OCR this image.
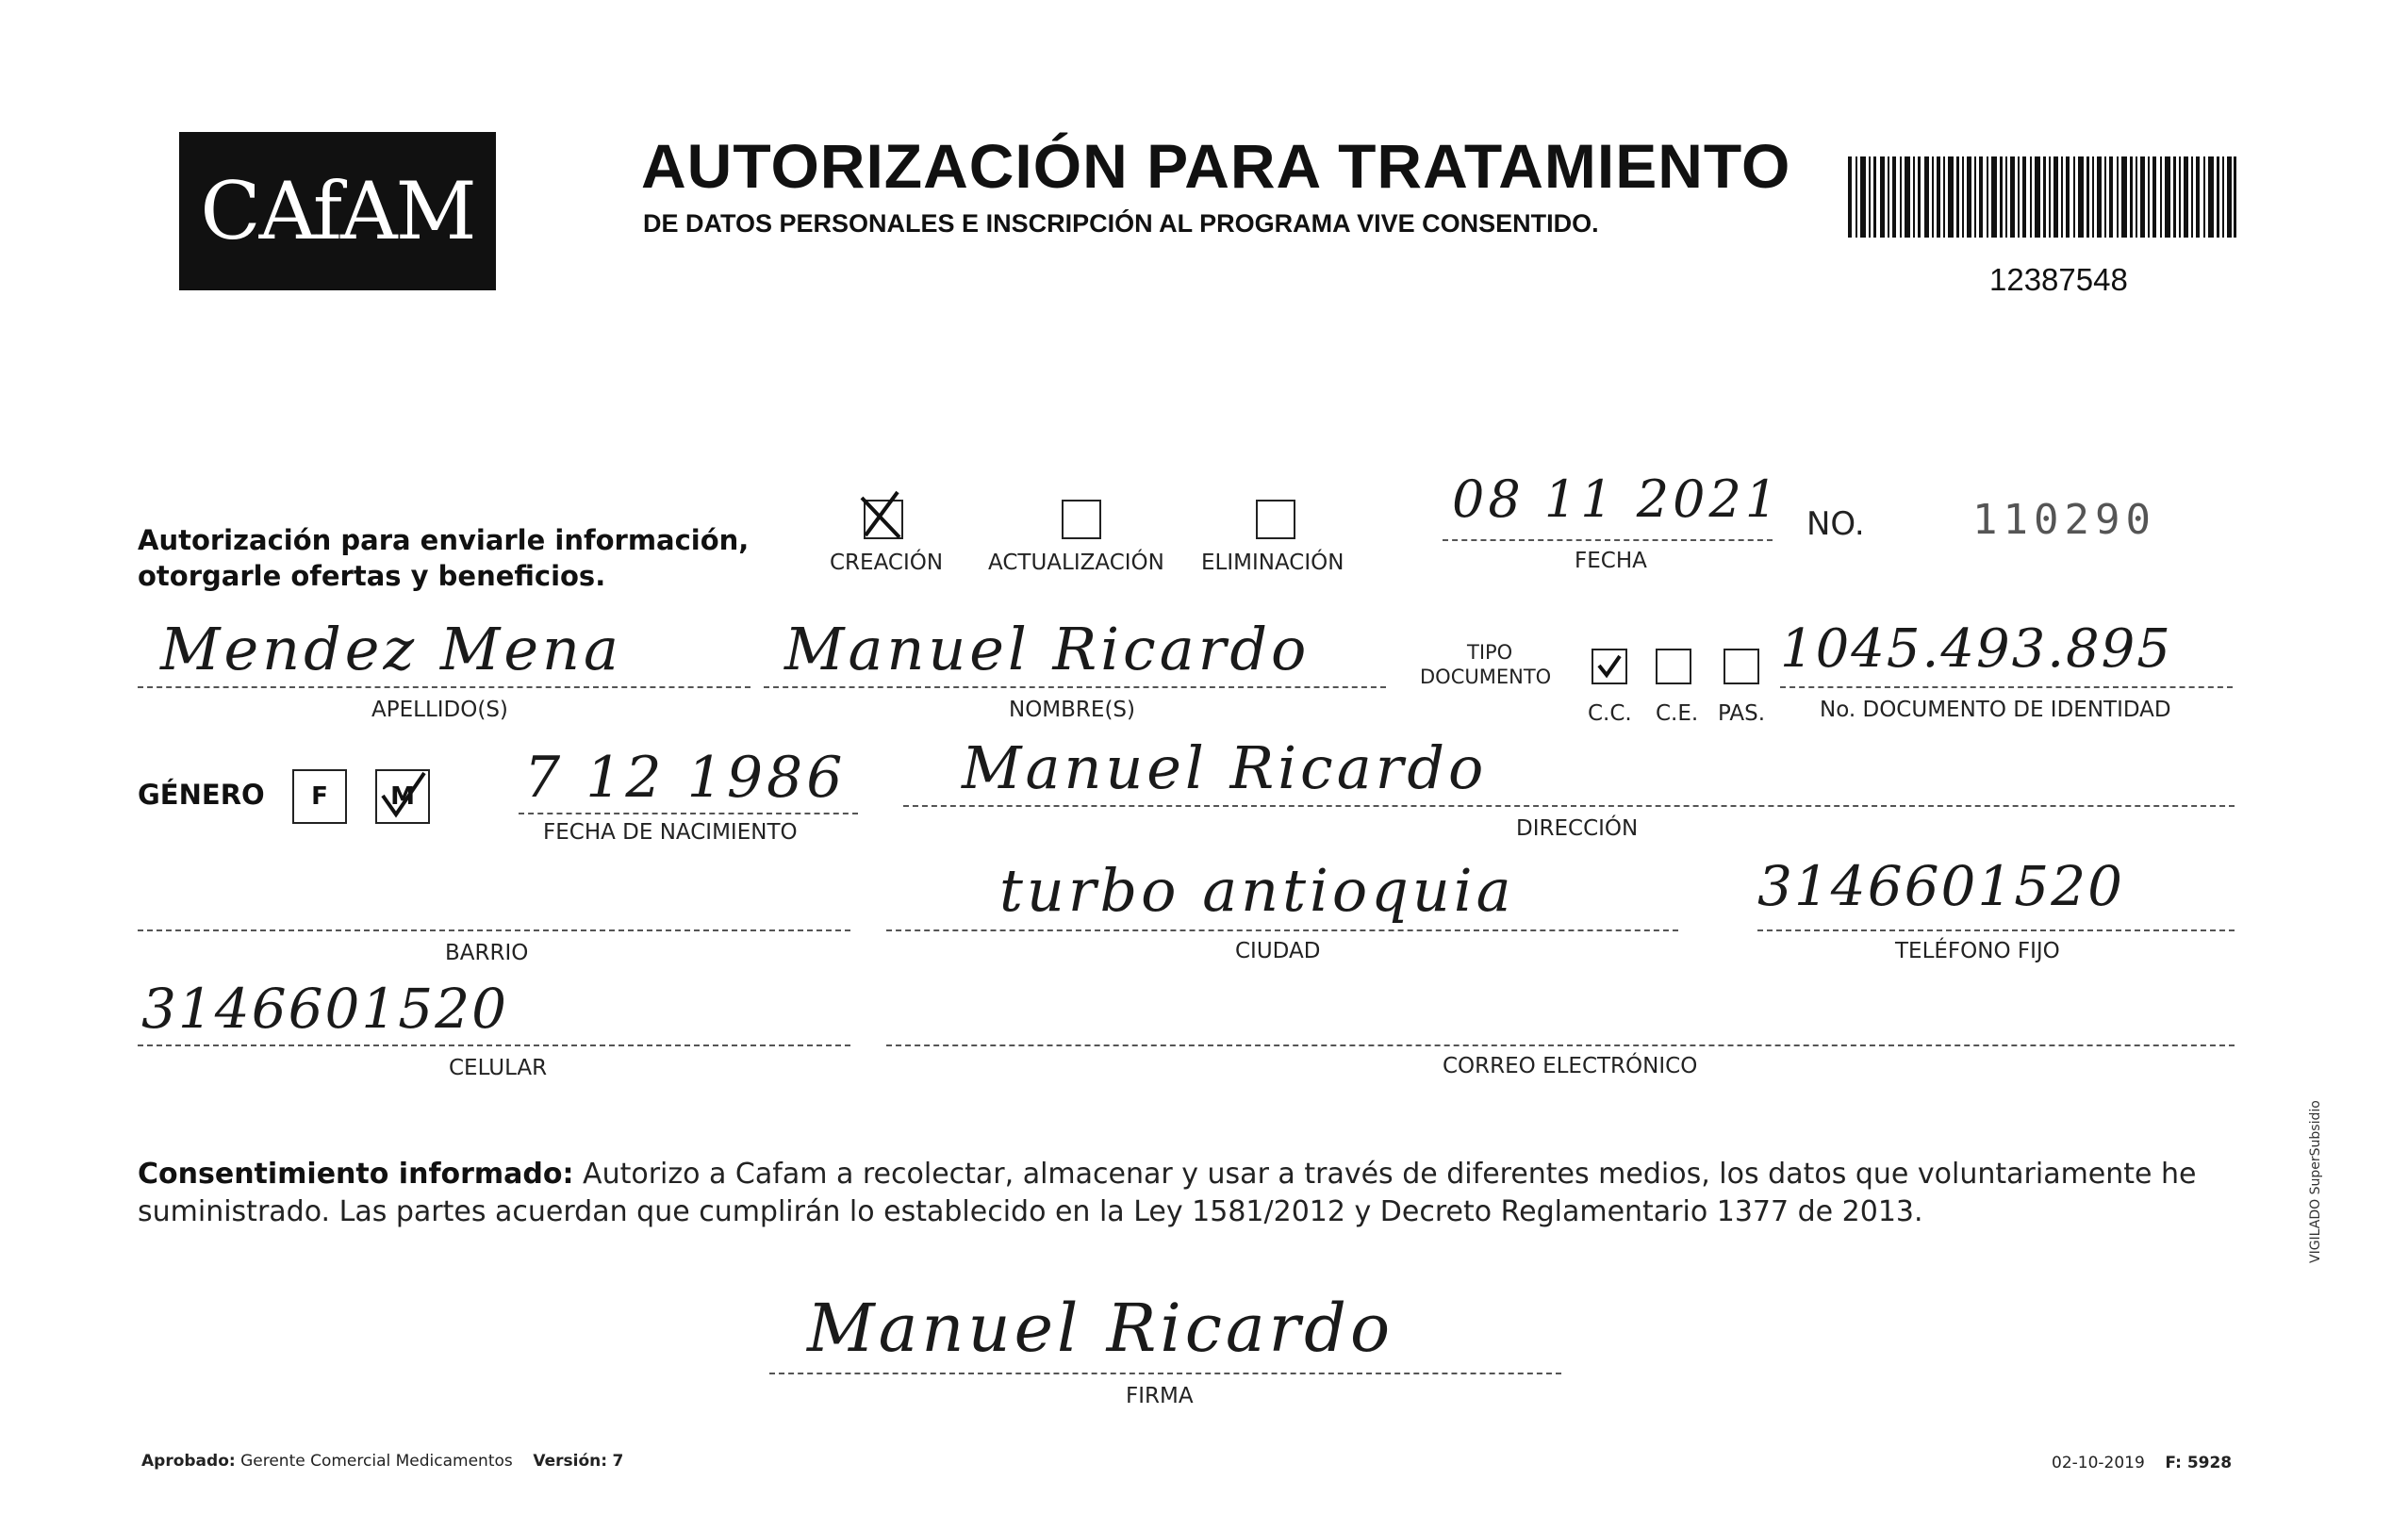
CAfAM	AUTORIZACIÓN PARA TRATAMIENTO
DE DATOS PERSONALES E INSCRIPCIÓN AL PROGRAMA VIVE CONSENTIDO.
12387548
Autorización para enviarle información,
otorgarle ofertas y beneficios.	CREACIÓN ACTUALIZACIÓN ELIMINACIÓN
08 11 2021
FECHA
NO.	110290
Mendez Mena
APELLIDO(S)
Manuel Ricardo
NOMBRE(S)
TIPO
DOCUMENTO
C.C. C.E. PAS.
1045.493.895
No. DOCUMENTO DE IDENTIDAD
GÉNERO F	M 7 12 1986
FECHA DE NACIMIENTO
Manuel Ricardo
DIRECCIÓN
BARRIO
turbo antioquia
CIUDAD
3146601520
TELÉFONO FIJO
3146601520
CELULAR	CORREO ELECTRÓNICO
Consentimiento informado: Autorizo a Cafam a recolectar, almacenar y usar a través de diferentes medios, los datos que voluntariamente he suministrado. Las partes acuerdan que cumplirán lo establecido en la Ley 1581/2012 y Decreto Reglamentario 1377 de 2013.
Manuel Ricardo
FIRMA
Aprobado: Gerente Comercial Medicamentos Versión: 7	02-10-2019 F: 5928
VIGILADO SuperSubsidio
